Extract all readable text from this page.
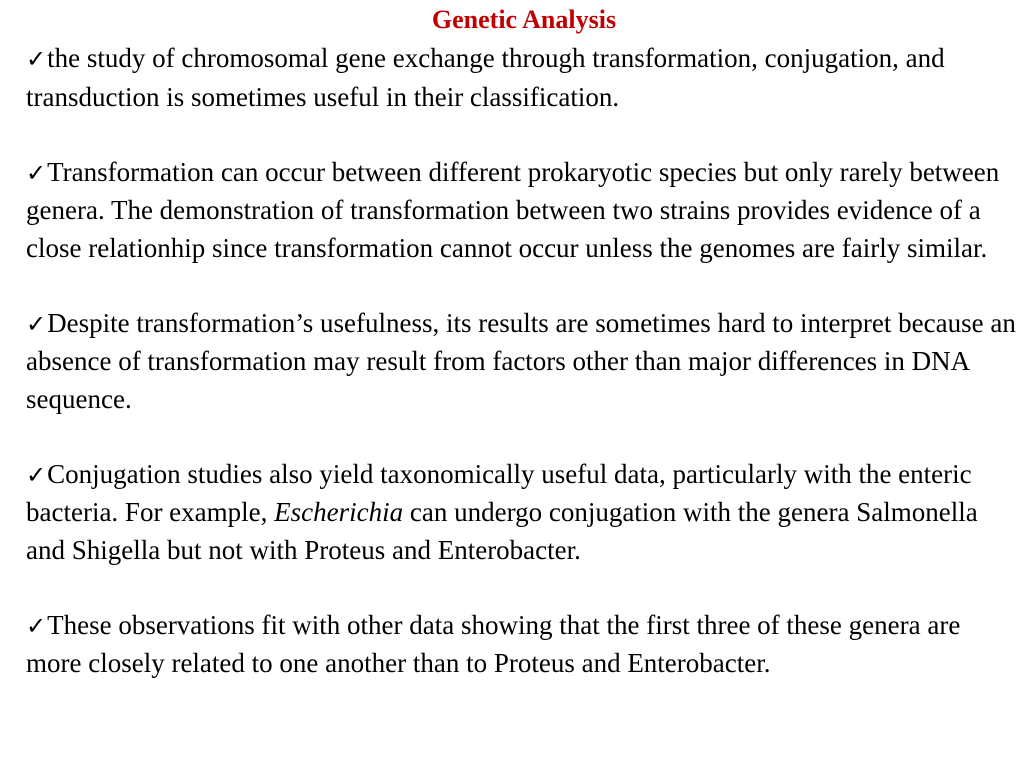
Genetic Analysis
✓the study of chromosomal gene exchange through transformation, conjugation, and transduction is sometimes useful in their classification.
✓Transformation can occur between different prokaryotic species but only rarely between genera. The demonstration of transformation between two strains provides evidence of a close relationhip since transformation cannot occur unless the genomes are fairly similar.
✓Despite transformation’s usefulness, its results are sometimes hard to interpret because an absence of transformation may result from factors other than major differences in DNA sequence.
✓Conjugation studies also yield taxonomically useful data, particularly with the enteric bacteria. For example, Escherichia can undergo conjugation with the genera Salmonella and Shigella but not with Proteus and Enterobacter.
✓These observations fit with other data showing that the first three of these genera are more closely related to one another than to Proteus and Enterobacter.
